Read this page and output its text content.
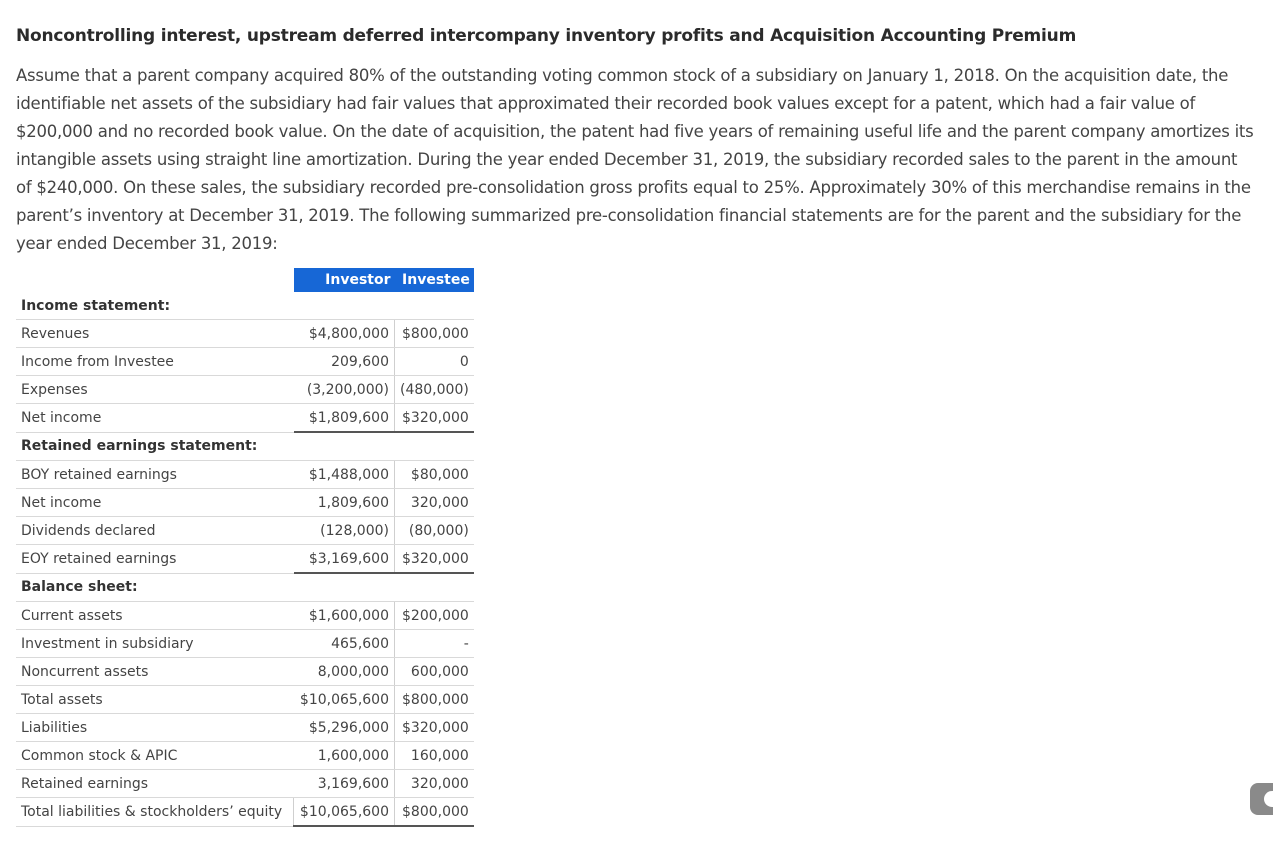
Noncontrolling interest, upstream deferred intercompany inventory profits and Acquisition Accounting Premium

Assume that a parent company acquired 80% of the outstanding voting common stock of a subsidiary on January 1, 2018. On the acquisition date, the identifiable net assets of the subsidiary had fair values that approximated their recorded book values except for a patent, which had a fair value of $200,000 and no recorded book value. On the date of acquisition, the patent had five years of remaining useful life and the parent company amortizes its intangible assets using straight line amortization. During the year ended December 31, 2019, the subsidiary recorded sales to the parent in the amount of $240,000. On these sales, the subsidiary recorded pre-consolidation gross profits equal to 25%. Approximately 30% of this merchandise remains in the parent’s inventory at December 31, 2019. The following summarized pre-consolidation financial statements are for the parent and the subsidiary for the year ended December 31, 2019:

	Investor	Investee
Income statement:		
Revenues	$4,800,000	$800,000
Income from Investee	209,600	0
Expenses	(3,200,000)	(480,000)
Net income	$1,809,600	$320,000
Retained earnings statement:		
BOY retained earnings	$1,488,000	$80,000
Net income	1,809,600	320,000
Dividends declared	(128,000)	(80,000)
EOY retained earnings	$3,169,600	$320,000
Balance sheet:		
Current assets	$1,600,000	$200,000
Investment in subsidiary	465,600	-
Noncurrent assets	8,000,000	600,000
Total assets	$10,065,600	$800,000
Liabilities	$5,296,000	$320,000
Common stock & APIC	1,600,000	160,000
Retained earnings	3,169,600	320,000
Total liabilities & stockholders’ equity	$10,065,600	$800,000
